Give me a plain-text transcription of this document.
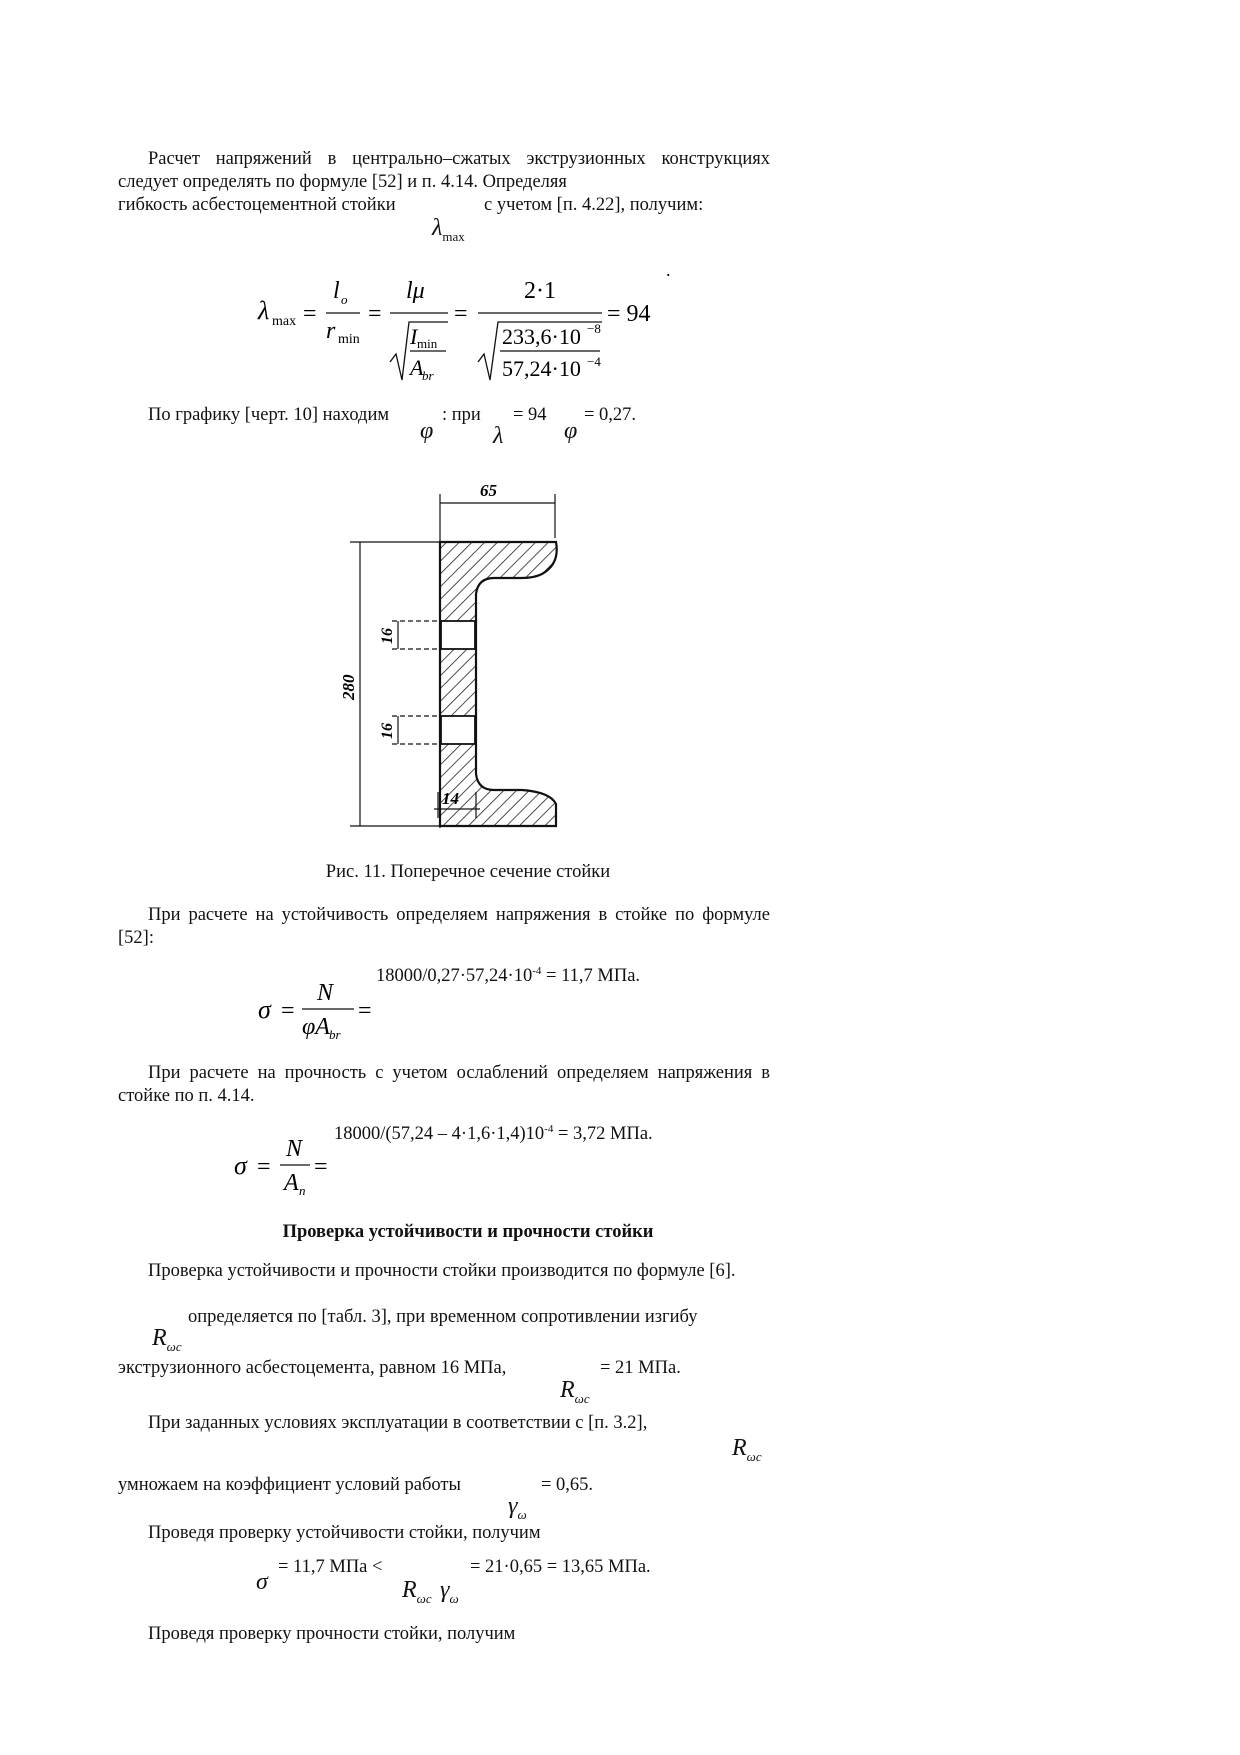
Расчет напряжений в центрально–сжатых экструзионных конструкциях следует определять по формуле [52] и п. 4.14. Определяя
гибкость асбестоцементной стойки	с учетом [п. 4.22], получим:
$\lambda_{max}$
λ max =
l o
r min
=
lμ
I min
A
br
=
2·1
233,6·10 −8
57,24·10 −4
= 94
.
По графику [черт. 10] находим	: при = 94 = 0,27.
φ λ	φ
65
280
16
16
14
Рис. 11. Поперечное сечение стойки
При расчете на устойчивость определяем напряжения в стойке по формуле [52]:
$18000/0,27\cdot 57,24\cdot 10^{-4} = 11,7$ МПа.
σ =
N
φA br
=
При расчете на прочность с учетом ослаблений определяем напряжения в стойке по п. 4.14.
$18000/(57,24 - 4\cdot 1,6\cdot 1,4)10^{-4} = 3,72$ МПа.
σ =
N
A n
=
Проверка устойчивости и прочности стойки
Проверка устойчивости и прочности стойки производится по формуле [6].
определяется по [табл. 3], при временном сопротивлении изгибу
$R_{\omega c}$
экструзионного асбестоцемента, равном 16 МПа,	= 21 МПа.
$R_{\omega c}$
При заданных условиях эксплуатации в соответствии с [п. 3.2],
$R_{\omega c}$
умножаем на коэффициент условий работы	= 0,65.
$\gamma_\omega$
Проведя проверку устойчивости стойки, получим
σ
= 11,7 МПа <	= 21·0,65 = 13,65 МПа.
$R_{\omega c}$ $\gamma_\omega$
Проведя проверку прочности стойки, получим
